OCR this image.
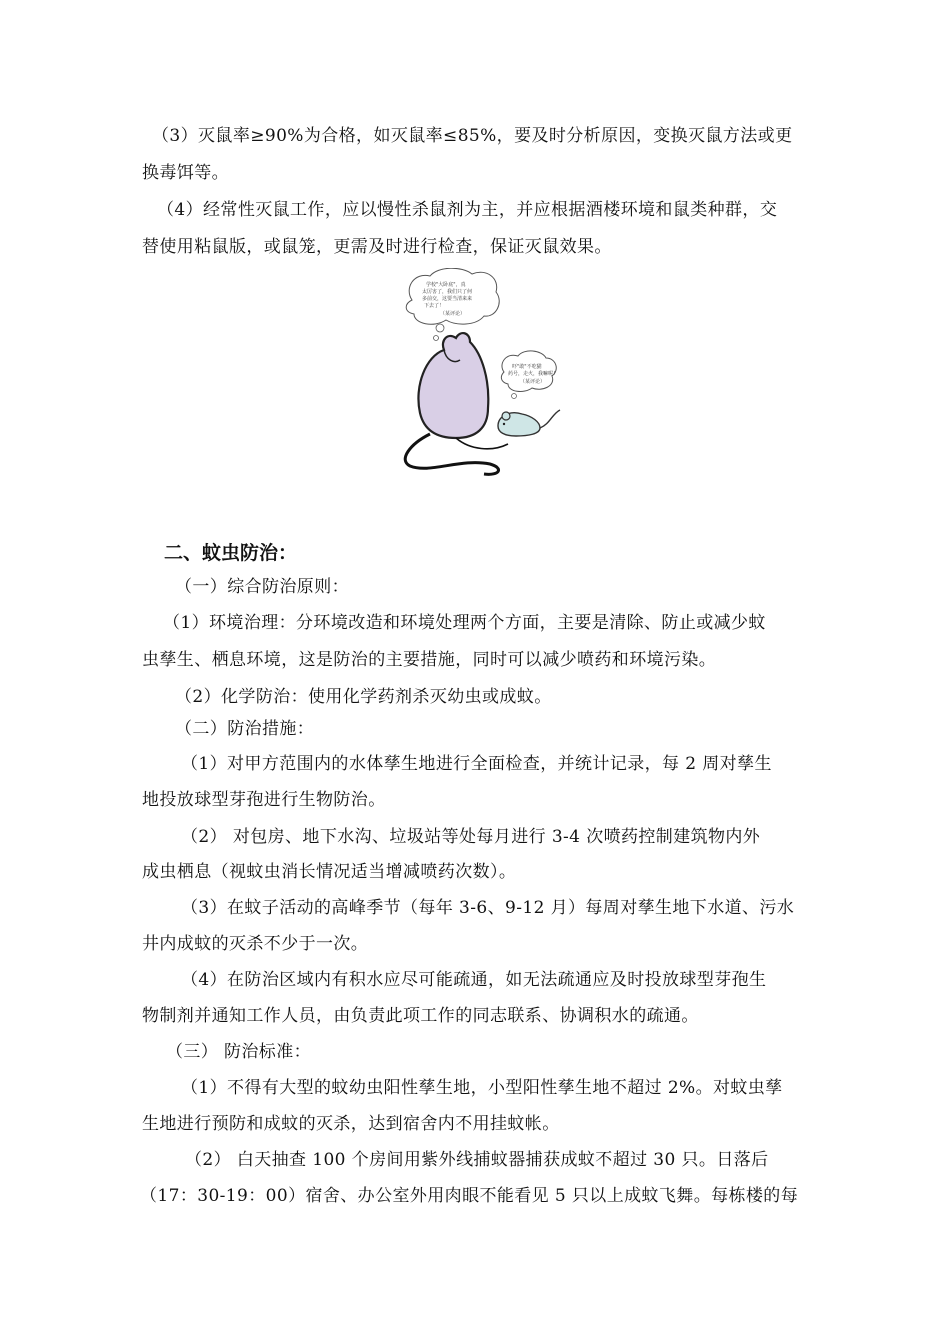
（3）灭鼠率≥90%为合格，如灭鼠率≤85%，要及时分析原因，变换灭鼠方法或更
换毒饵等。
（4）经常性灭鼠工作，应以慢性杀鼠剂为主，并应根据酒楼环境和鼠类种群，交
替使用粘鼠版，或鼠笼，更需及时进行检查，保证灭鼠效果。
学校"大卧底"，真
太厉害了，我们只了何
多前交，这要当清来来
下去了！
（某评论）
吓"敢"不吃猫
药号，走火，我嘛呢！
（某评论）
二、蚊虫防治：
（一）综合防治原则：
（1）环境治理：分环境改造和环境处理两个方面，主要是清除、防止或减少蚊
虫孳生、栖息环境，这是防治的主要措施，同时可以减少喷药和环境污染。
（2）化学防治：使用化学药剂杀灭幼虫或成蚊。
（二）防治措施：
（1）对甲方范围内的水体孳生地进行全面检查，并统计记录，每 2 周对孳生
地投放球型芽孢进行生物防治。
（2） 对包房、地下水沟、垃圾站等处每月进行 3-4 次喷药控制建筑物内外
成虫栖息（视蚊虫消长情况适当增减喷药次数）。
（3）在蚊子活动的高峰季节（每年 3-6、9-12 月）每周对孳生地下水道、污水
井内成蚊的灭杀不少于一次。
（4）在防治区域内有积水应尽可能疏通，如无法疏通应及时投放球型芽孢生
物制剂并通知工作人员，由负责此项工作的同志联系、协调积水的疏通。
（三） 防治标准：
（1）不得有大型的蚊幼虫阳性孳生地，小型阳性孳生地不超过 2%。对蚊虫孳
生地进行预防和成蚊的灭杀，达到宿舍内不用挂蚊帐。
（2） 白天抽查 100 个房间用紫外线捕蚊器捕获成蚊不超过 30 只。日落后
（17：30-19：00）宿舍、办公室外用肉眼不能看见 5 只以上成蚊飞舞。每栋楼的每
